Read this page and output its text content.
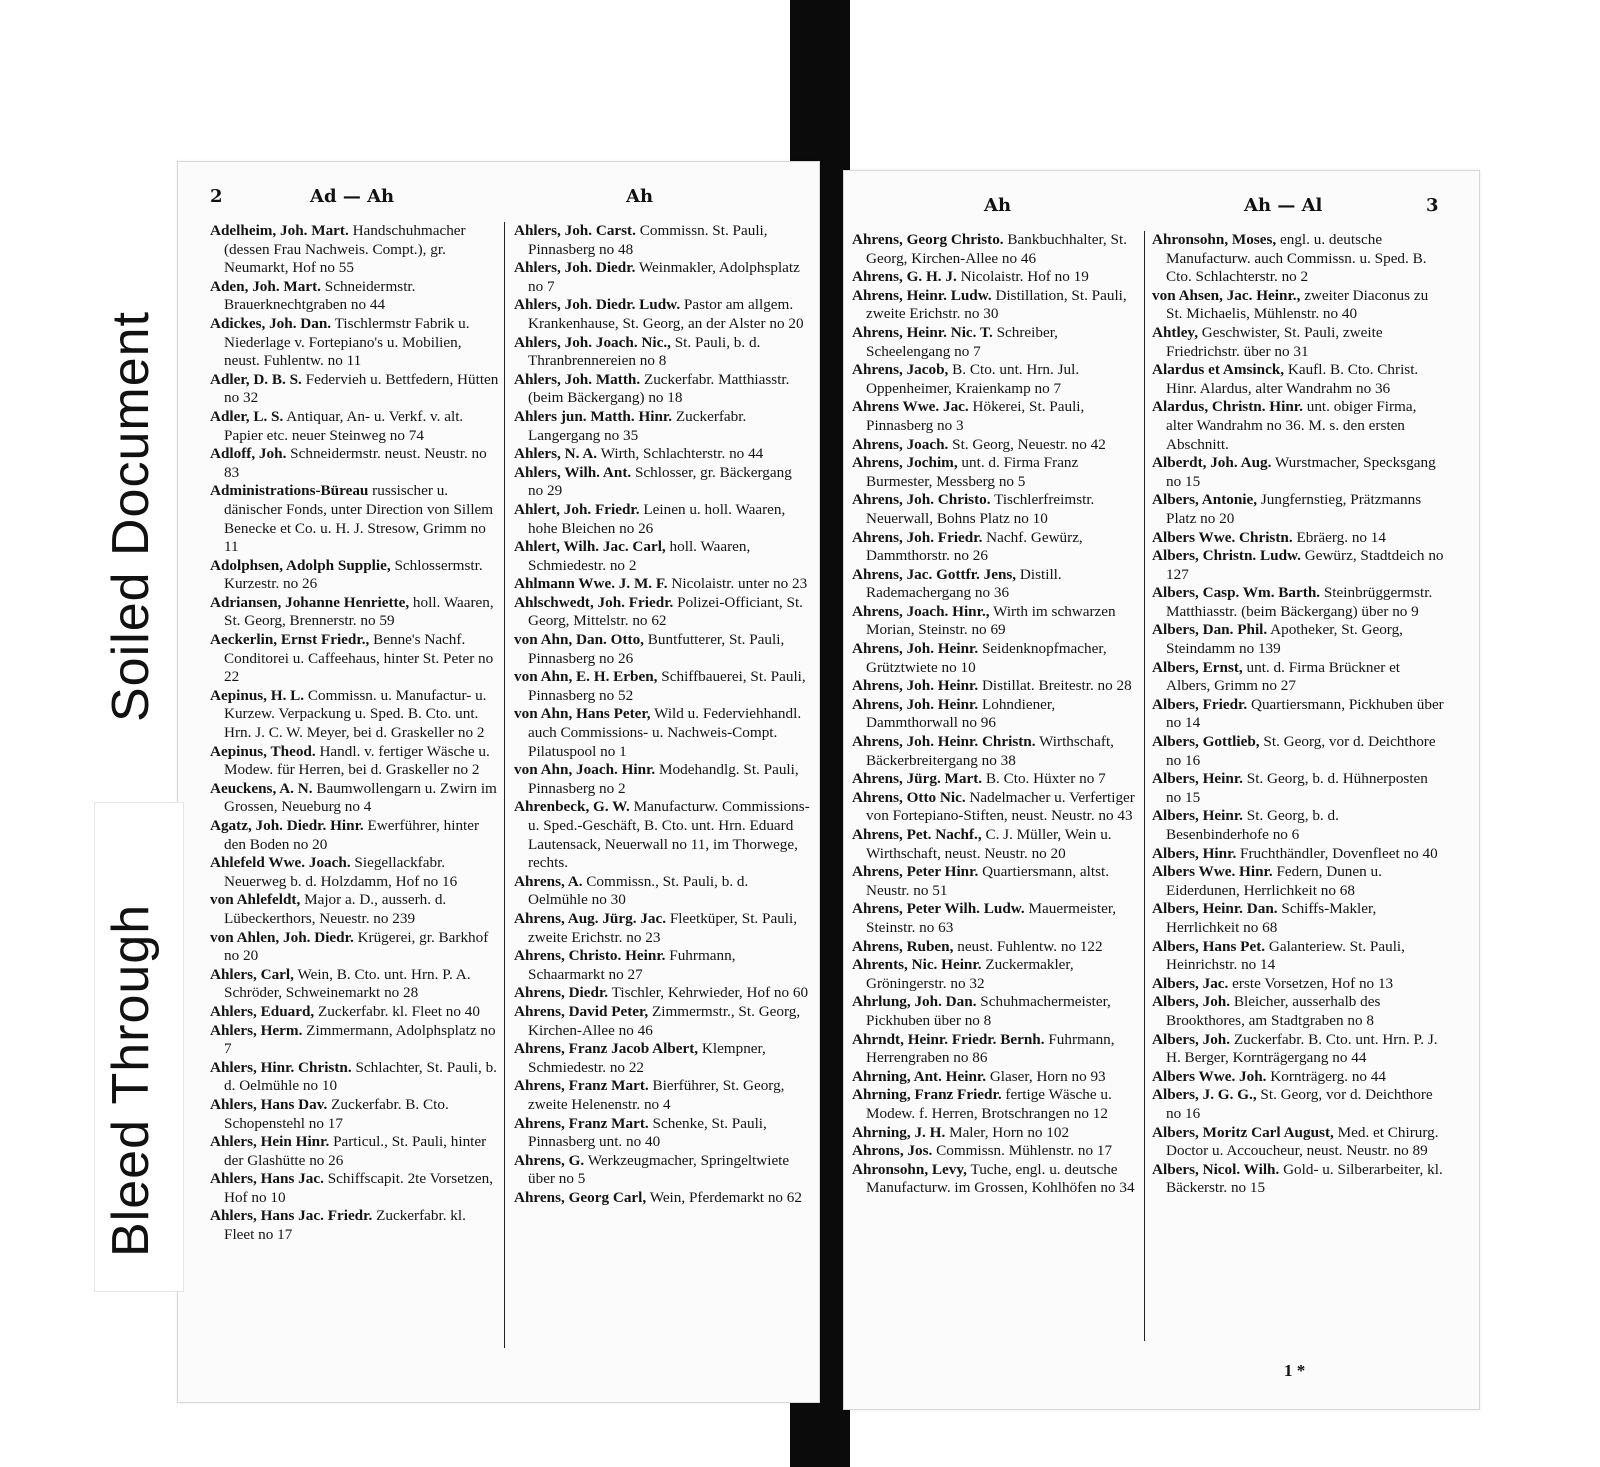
2	Ad — Ah	Ah
Adelheim, Joh. Mart. Handschuhmacher (dessen Frau Nachweis. Compt.), gr. Neumarkt, Hof no 55
Aden, Joh. Mart. Schneidermstr. Brauerknechtgraben no 44
Adickes, Joh. Dan. Tischlermstr Fabrik u. Niederlage v. Fortepiano's u. Mobilien, neust. Fuhlentw. no 11
Adler, D. B. S. Federvieh u. Bettfedern, Hütten no 32
Adler, L. S. Antiquar, An- u. Verkf. v. alt. Papier etc. neuer Steinweg no 74
Adloff, Joh. Schneidermstr. neust. Neustr. no 83
Administrations-Büreau russischer u. dänischer Fonds, unter Direction von Sillem Benecke et Co. u. H. J. Stresow, Grimm no 11
Adolphsen, Adolph Supplie, Schlossermstr. Kurzestr. no 26
Adriansen, Johanne Henriette, holl. Waaren, St. Georg, Brennerstr. no 59
Aeckerlin, Ernst Friedr., Benne's Nachf. Conditorei u. Caffeehaus, hinter St. Peter no 22
Aepinus, H. L. Commissn. u. Manufactur- u. Kurzew. Verpackung u. Sped. B. Cto. unt. Hrn. J. C. W. Meyer, bei d. Graskeller no 2
Aepinus, Theod. Handl. v. fertiger Wäsche u. Modew. für Herren, bei d. Graskeller no 2
Aeuckens, A. N. Baumwollengarn u. Zwirn im Grossen, Neueburg no 4
Agatz, Joh. Diedr. Hinr. Ewerführer, hinter den Boden no 20
Ahlefeld Wwe. Joach. Siegellackfabr. Neuerweg b. d. Holzdamm, Hof no 16
von Ahlefeldt, Major a. D., ausserh. d. Lübeckerthors, Neuestr. no 239
von Ahlen, Joh. Diedr. Krügerei, gr. Barkhof no 20
Ahlers, Carl, Wein, B. Cto. unt. Hrn. P. A. Schröder, Schweinemarkt no 28
Ahlers, Eduard, Zuckerfabr. kl. Fleet no 40
Ahlers, Herm. Zimmermann, Adolphsplatz no 7
Ahlers, Hinr. Christn. Schlachter, St. Pauli, b. d. Oelmühle no 10
Ahlers, Hans Dav. Zuckerfabr. B. Cto. Schopenstehl no 17
Ahlers, Hein Hinr. Particul., St. Pauli, hinter der Glashütte no 26
Ahlers, Hans Jac. Schiffscapit. 2te Vorsetzen, Hof no 10
Ahlers, Hans Jac. Friedr. Zuckerfabr. kl. Fleet no 17
Ahlers, Joh. Carst. Commissn. St. Pauli, Pinnasberg no 48
Ahlers, Joh. Diedr. Weinmakler, Adolphsplatz no 7
Ahlers, Joh. Diedr. Ludw. Pastor am allgem. Krankenhause, St. Georg, an der Alster no 20
Ahlers, Joh. Joach. Nic., St. Pauli, b. d. Thranbrennereien no 8
Ahlers, Joh. Matth. Zuckerfabr. Matthiasstr. (beim Bäckergang) no 18
Ahlers jun. Matth. Hinr. Zuckerfabr. Langergang no 35
Ahlers, N. A. Wirth, Schlachterstr. no 44
Ahlers, Wilh. Ant. Schlosser, gr. Bäckergang no 29
Ahlert, Joh. Friedr. Leinen u. holl. Waaren, hohe Bleichen no 26
Ahlert, Wilh. Jac. Carl, holl. Waaren, Schmiedestr. no 2
Ahlmann Wwe. J. M. F. Nicolaistr. unter no 23
Ahlschwedt, Joh. Friedr. Polizei-Officiant, St. Georg, Mittelstr. no 62
von Ahn, Dan. Otto, Buntfutterer, St. Pauli, Pinnasberg no 26
von Ahn, E. H. Erben, Schiffbauerei, St. Pauli, Pinnasberg no 52
von Ahn, Hans Peter, Wild u. Federviehhandl. auch Commissions- u. Nachweis-Compt. Pilatuspool no 1
von Ahn, Joach. Hinr. Modehandlg. St. Pauli, Pinnasberg no 2
Ahrenbeck, G. W. Manufacturw. Commissions- u. Sped.-Geschäft, B. Cto. unt. Hrn. Eduard Lautensack, Neuerwall no 11, im Thorwege, rechts.
Ahrens, A. Commissn., St. Pauli, b. d. Oelmühle no 30
Ahrens, Aug. Jürg. Jac. Fleetküper, St. Pauli, zweite Erichstr. no 23
Ahrens, Christo. Heinr. Fuhrmann, Schaarmarkt no 27
Ahrens, Diedr. Tischler, Kehrwieder, Hof no 60
Ahrens, David Peter, Zimmermstr., St. Georg, Kirchen-Allee no 46
Ahrens, Franz Jacob Albert, Klempner, Schmiedestr. no 22
Ahrens, Franz Mart. Bierführer, St. Georg, zweite Helenenstr. no 4
Ahrens, Franz Mart. Schenke, St. Pauli, Pinnasberg unt. no 40
Ahrens, G. Werkzeugmacher, Springeltwiete über no 5
Ahrens, Georg Carl, Wein, Pferdemarkt no 62
Ah	Ah — Al	3
Ahrens, Georg Christo. Bankbuchhalter, St. Georg, Kirchen-Allee no 46
Ahrens, G. H. J. Nicolaistr. Hof no 19
Ahrens, Heinr. Ludw. Distillation, St. Pauli, zweite Erichstr. no 30
Ahrens, Heinr. Nic. T. Schreiber, Scheelengang no 7
Ahrens, Jacob, B. Cto. unt. Hrn. Jul. Oppenheimer, Kraienkamp no 7
Ahrens Wwe. Jac. Hökerei, St. Pauli, Pinnasberg no 3
Ahrens, Joach. St. Georg, Neuestr. no 42
Ahrens, Jochim, unt. d. Firma Franz Burmester, Messberg no 5
Ahrens, Joh. Christo. Tischlerfreimstr. Neuerwall, Bohns Platz no 10
Ahrens, Joh. Friedr. Nachf. Gewürz, Dammthorstr. no 26
Ahrens, Jac. Gottfr. Jens, Distill. Rademachergang no 36
Ahrens, Joach. Hinr., Wirth im schwarzen Morian, Steinstr. no 69
Ahrens, Joh. Heinr. Seidenknopfmacher, Grütztwiete no 10
Ahrens, Joh. Heinr. Distillat. Breitestr. no 28
Ahrens, Joh. Heinr. Lohndiener, Dammthorwall no 96
Ahrens, Joh. Heinr. Christn. Wirthschaft, Bäckerbreitergang no 38
Ahrens, Jürg. Mart. B. Cto. Hüxter no 7
Ahrens, Otto Nic. Nadelmacher u. Verfertiger von Fortepiano-Stiften, neust. Neustr. no 43
Ahrens, Pet. Nachf., C. J. Müller, Wein u. Wirthschaft, neust. Neustr. no 20
Ahrens, Peter Hinr. Quartiersmann, altst. Neustr. no 51
Ahrens, Peter Wilh. Ludw. Mauermeister, Steinstr. no 63
Ahrens, Ruben, neust. Fuhlentw. no 122
Ahrents, Nic. Heinr. Zuckermakler, Gröningerstr. no 32
Ahrlung, Joh. Dan. Schuhmachermeister, Pickhuben über no 8
Ahrndt, Heinr. Friedr. Bernh. Fuhrmann, Herrengraben no 86
Ahrning, Ant. Heinr. Glaser, Horn no 93
Ahrning, Franz Friedr. fertige Wäsche u. Modew. f. Herren, Brotschrangen no 12
Ahrning, J. H. Maler, Horn no 102
Ahrons, Jos. Commissn. Mühlenstr. no 17
Ahronsohn, Levy, Tuche, engl. u. deutsche Manufacturw. im Grossen, Kohlhöfen no 34
Ahronsohn, Moses, engl. u. deutsche Manufacturw. auch Commissn. u. Sped. B. Cto. Schlachterstr. no 2
von Ahsen, Jac. Heinr., zweiter Diaconus zu St. Michaelis, Mühlenstr. no 40
Ahtley, Geschwister, St. Pauli, zweite Friedrichstr. über no 31
Alardus et Amsinck, Kaufl. B. Cto. Christ. Hinr. Alardus, alter Wandrahm no 36
Alardus, Christn. Hinr. unt. obiger Firma, alter Wandrahm no 36. M. s. den ersten Abschnitt.
Alberdt, Joh. Aug. Wurstmacher, Specksgang no 15
Albers, Antonie, Jungfernstieg, Prätzmanns Platz no 20
Albers Wwe. Christn. Ebräerg. no 14
Albers, Christn. Ludw. Gewürz, Stadtdeich no 127
Albers, Casp. Wm. Barth. Steinbrüggermstr. Matthiasstr. (beim Bäckergang) über no 9
Albers, Dan. Phil. Apotheker, St. Georg, Steindamm no 139
Albers, Ernst, unt. d. Firma Brückner et Albers, Grimm no 27
Albers, Friedr. Quartiersmann, Pickhuben über no 14
Albers, Gottlieb, St. Georg, vor d. Deichthore no 16
Albers, Heinr. St. Georg, b. d. Hühnerposten no 15
Albers, Heinr. St. Georg, b. d. Besenbinderhofe no 6
Albers, Hinr. Fruchthändler, Dovenfleet no 40
Albers Wwe. Hinr. Federn, Dunen u. Eiderdunen, Herrlichkeit no 68
Albers, Heinr. Dan. Schiffs-Makler, Herrlichkeit no 68
Albers, Hans Pet. Galanteriew. St. Pauli, Heinrichstr. no 14
Albers, Jac. erste Vorsetzen, Hof no 13
Albers, Joh. Bleicher, ausserhalb des Brookthores, am Stadtgraben no 8
Albers, Joh. Zuckerfabr. B. Cto. unt. Hrn. P. J. H. Berger, Kornträgergang no 44
Albers Wwe. Joh. Kornträgerg. no 44
Albers, J. G. G., St. Georg, vor d. Deichthore no 16
Albers, Moritz Carl August, Med. et Chirurg. Doctor u. Accoucheur, neust. Neustr. no 89
Albers, Nicol. Wilh. Gold- u. Silberarbeiter, kl. Bäckerstr. no 15
1 *
Soiled Document
Bleed Through
